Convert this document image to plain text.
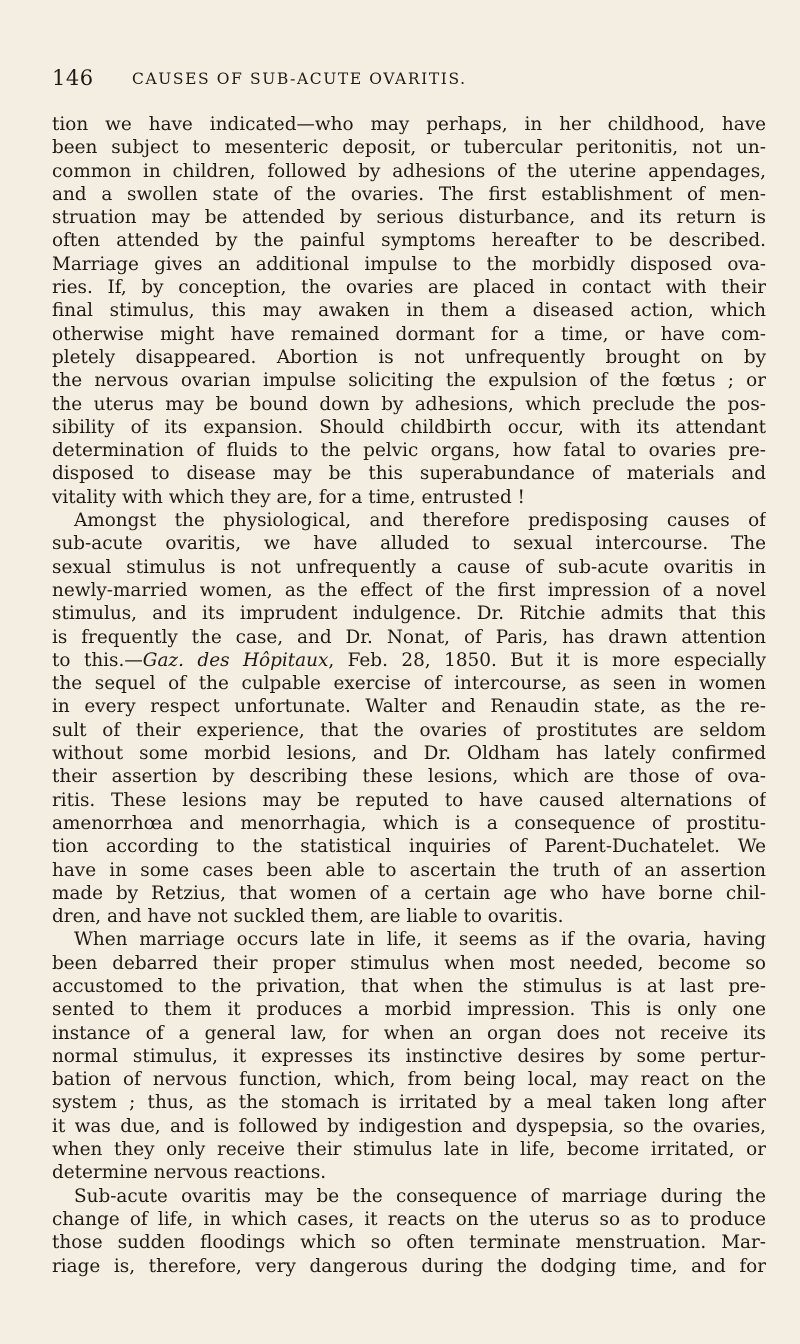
146 CAUSES OF SUB-ACUTE OVARITIS.
tion we have indicated—who may perhaps, in her childhood, have
been subject to mesenteric deposit, or tubercular peritonitis, not un-
common in children, followed by adhesions of the uterine appendages,
and a swollen state of the ovaries. The first establishment of men-
struation may be attended by serious disturbance, and its return is
often attended by the painful symptoms hereafter to be described.
Marriage gives an additional impulse to the morbidly disposed ova-
ries. If, by conception, the ovaries are placed in contact with their
final stimulus, this may awaken in them a diseased action, which
otherwise might have remained dormant for a time, or have com-
pletely disappeared. Abortion is not unfrequently brought on by
the nervous ovarian impulse soliciting the expulsion of the fœtus ; or
the uterus may be bound down by adhesions, which preclude the pos-
sibility of its expansion. Should childbirth occur, with its attendant
determination of fluids to the pelvic organs, how fatal to ovaries pre-
disposed to disease may be this superabundance of materials and
vitality with which they are, for a time, entrusted !
Amongst the physiological, and therefore predisposing causes of
sub-acute ovaritis, we have alluded to sexual intercourse. The
sexual stimulus is not unfrequently a cause of sub-acute ovaritis in
newly-married women, as the effect of the first impression of a novel
stimulus, and its imprudent indulgence. Dr. Ritchie admits that this
is frequently the case, and Dr. Nonat, of Paris, has drawn attention
to this.—Gaz. des Hôpitaux, Feb. 28, 1850. But it is more especially
the sequel of the culpable exercise of intercourse, as seen in women
in every respect unfortunate. Walter and Renaudin state, as the re-
sult of their experience, that the ovaries of prostitutes are seldom
without some morbid lesions, and Dr. Oldham has lately confirmed
their assertion by describing these lesions, which are those of ova-
ritis. These lesions may be reputed to have caused alternations of
amenorrhœa and menorrhagia, which is a consequence of prostitu-
tion according to the statistical inquiries of Parent-Duchatelet. We
have in some cases been able to ascertain the truth of an assertion
made by Retzius, that women of a certain age who have borne chil-
dren, and have not suckled them, are liable to ovaritis.
When marriage occurs late in life, it seems as if the ovaria, having
been debarred their proper stimulus when most needed, become so
accustomed to the privation, that when the stimulus is at last pre-
sented to them it produces a morbid impression. This is only one
instance of a general law, for when an organ does not receive its
normal stimulus, it expresses its instinctive desires by some pertur-
bation of nervous function, which, from being local, may react on the
system ; thus, as the stomach is irritated by a meal taken long after
it was due, and is followed by indigestion and dyspepsia, so the ovaries,
when they only receive their stimulus late in life, become irritated, or
determine nervous reactions.
Sub-acute ovaritis may be the consequence of marriage during the
change of life, in which cases, it reacts on the uterus so as to produce
those sudden floodings which so often terminate menstruation. Mar-
riage is, therefore, very dangerous during the dodging time, and for
